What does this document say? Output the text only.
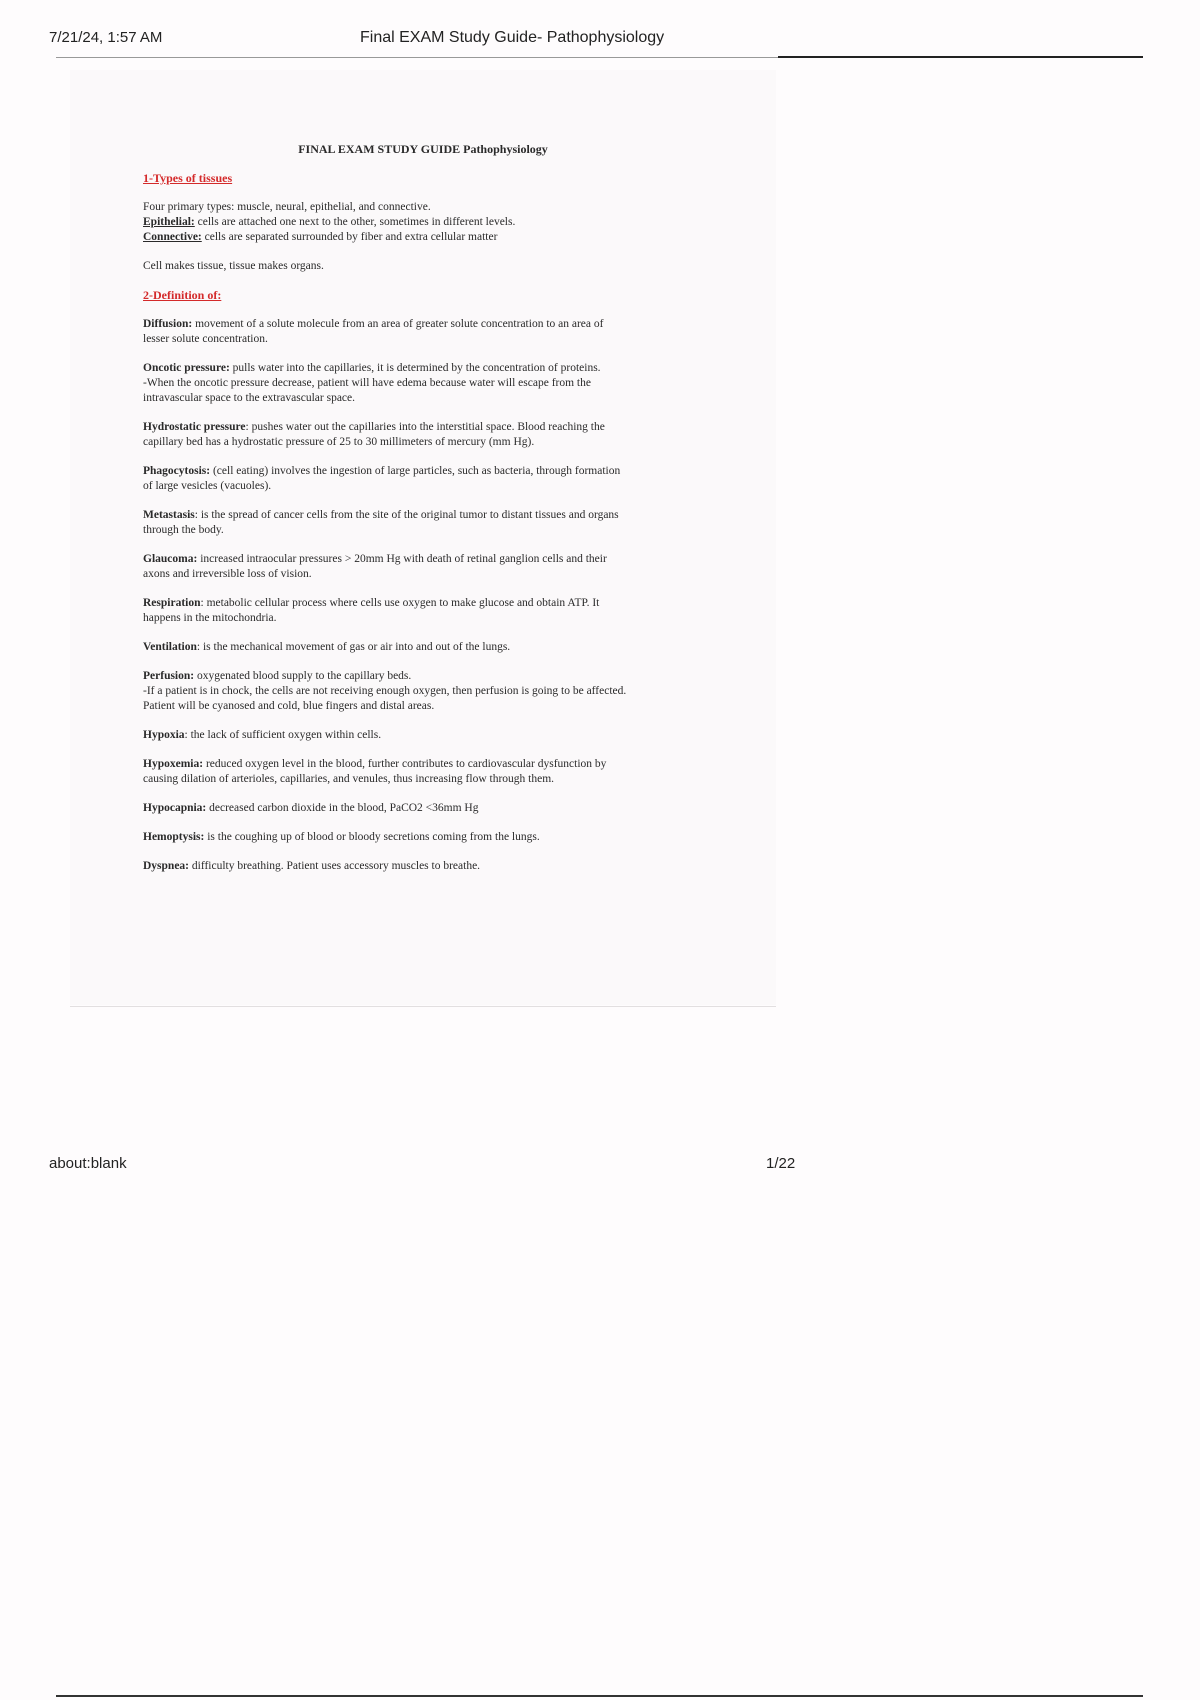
7/21/24, 1:57 AM	Final EXAM Study Guide- Pathophysiology
FINAL EXAM STUDY GUIDE Pathophysiology
1-Types of tissues

Four primary types: muscle, neural, epithelial, and connective.

Epithelial: cells are attached one next to the other, sometimes in different levels.

Connective: cells are separated surrounded by fiber and extra cellular matter

Cell makes tissue, tissue makes organs.

2-Definition of:

Diffusion: movement of a solute molecule from an area of greater solute concentration to an area of

lesser solute concentration.

Oncotic pressure: pulls water into the capillaries, it is determined by the concentration of proteins.

-When the oncotic pressure decrease, patient will have edema because water will escape from the

intravascular space to the extravascular space.

Hydrostatic pressure: pushes water out the capillaries into the interstitial space. Blood reaching the

capillary bed has a hydrostatic pressure of 25 to 30 millimeters of mercury (mm Hg).

Phagocytosis: (cell eating) involves the ingestion of large particles, such as bacteria, through formation

of large vesicles (vacuoles).

Metastasis: is the spread of cancer cells from the site of the original tumor to distant tissues and organs

through the body.

Glaucoma: increased intraocular pressures > 20mm Hg with death of retinal ganglion cells and their

axons and irreversible loss of vision.

Respiration: metabolic cellular process where cells use oxygen to make glucose and obtain ATP. It

happens in the mitochondria.

Ventilation: is the mechanical movement of gas or air into and out of the lungs.

Perfusion: oxygenated blood supply to the capillary beds.

-If a patient is in chock, the cells are not receiving enough oxygen, then perfusion is going to be affected.

Patient will be cyanosed and cold, blue fingers and distal areas.

Hypoxia: the lack of sufficient oxygen within cells.

Hypoxemia: reduced oxygen level in the blood, further contributes to cardiovascular dysfunction by

causing dilation of arterioles, capillaries, and venules, thus increasing flow through them.

Hypocapnia: decreased carbon dioxide in the blood, PaCO2 <36mm Hg

Hemoptysis: is the coughing up of blood or bloody secretions coming from the lungs.

Dyspnea: difficulty breathing. Patient uses accessory muscles to breathe.

about:blank	1/22
